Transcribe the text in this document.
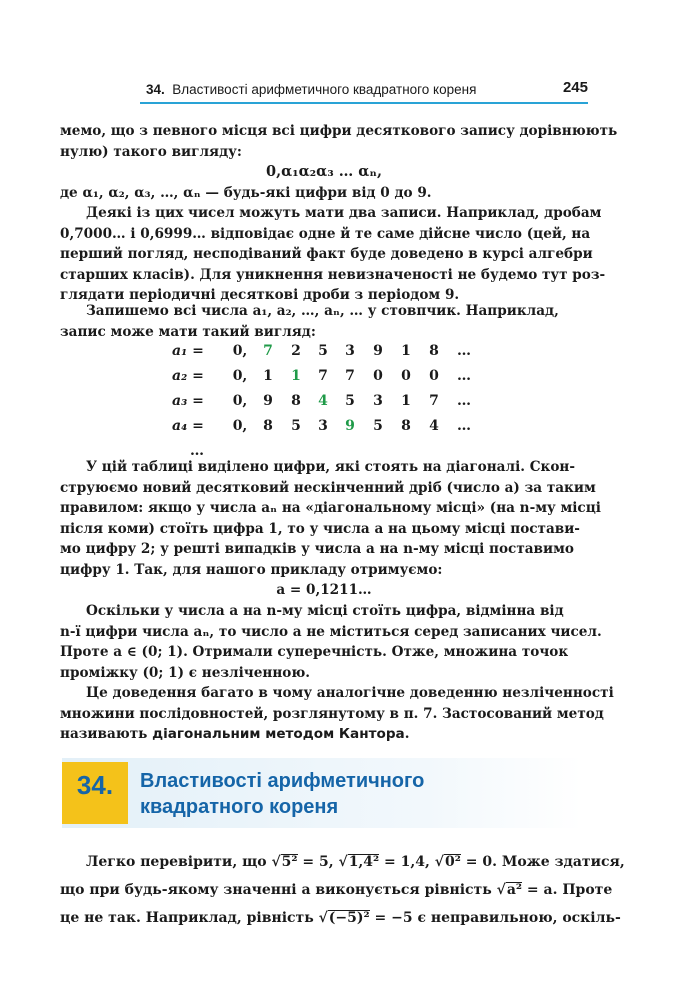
34. Властивості арифметичного квадратного кореня	245
мемо, що з певного місця всі цифри десяткового запису дорівнюють
нулю) такого вигляду:
0,α₁α₂α₃ … αₙ,
де α₁, α₂, α₃, …, αₙ — будь-які цифри від 0 до 9.
Деякі із цих чисел можуть мати два записи. Наприклад, дробам
0,7000… і 0,6999… відповідає одне й те саме дійсне число (цей, на
перший погляд, несподіваний факт буде доведено в курсі алгебри
старших класів). Для уникнення невизначеності не будемо тут роз-
глядати періодичні десяткові дроби з періодом 9.
Запишемо всі числа a₁, a₂, …, aₙ, … у стовпчик. Наприклад,
запис може мати такий вигляд:
a₁ =	0,	7	2	5	3	9	1	8	…
a₂ =	0,	1	1	7	7	0	0	0	…
a₃ =	0,	9	8	4	5	3	1	7	…
a₄ =	0,	8	5	3	9	5	8	4	…
…
У цій таблиці виділено цифри, які стоять на діагоналі. Скон-
струюємо новий десятковий нескінченний дріб (число a) за таким
правилом: якщо у числа aₙ на «діагональному місці» (на n-му місці
після коми) стоїть цифра 1, то у числа a на цьому місці постави-
мо цифру 2; у решті випадків у числа a на n-му місці поставимо
цифру 1. Так, для нашого прикладу отримуємо:
a = 0,1211…
Оскільки у числа a на n-му місці стоїть цифра, відмінна від
n-ї цифри числа aₙ, то число a не міститься серед записаних чисел.
Проте a ∈ (0; 1). Отримали суперечність. Отже, множина точок
проміжку (0; 1) є незліченною.
Це доведення багато в чому аналогічне доведенню незліченності
множини послідовностей, розглянутому в п. 7. Застосований метод
називають діагональним методом Кантора.
34.	Властивості арифметичного
квадратного кореня
Легко перевірити, що √5² = 5, √1,4² = 1,4, √0² = 0. Може здатися,
що при будь-якому значенні a виконується рівність √a² = a. Проте
це не так. Наприклад, рівність √(−5)² = −5 є неправильною, оскіль-
